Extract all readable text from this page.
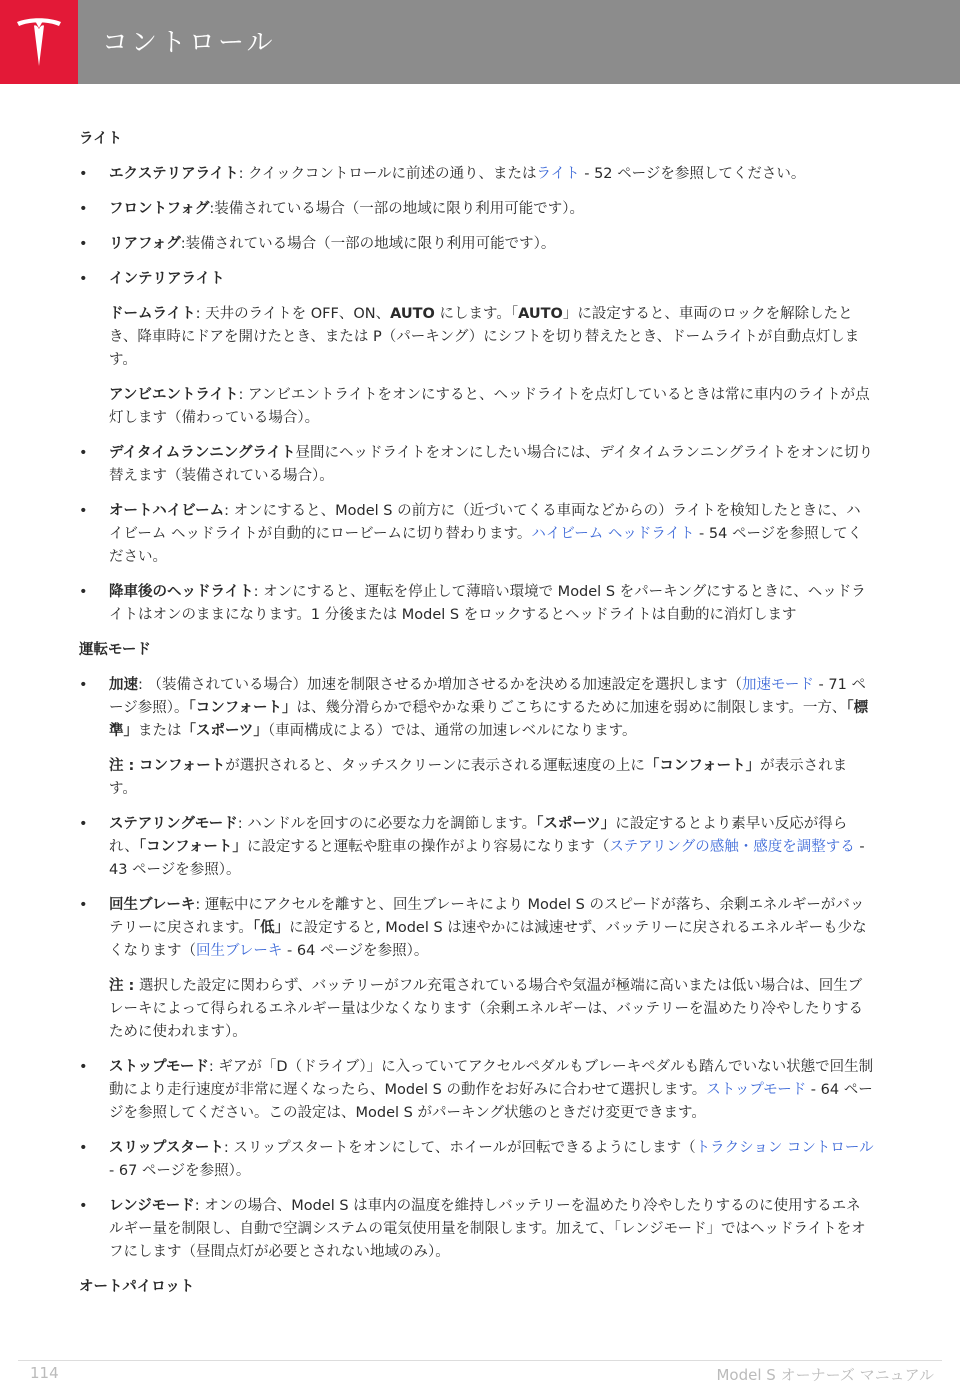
コントロール
ライト
• エクステリアライト: クイックコントロールに前述の通り、またはライト - 52 ページを参照してください。
• フロントフォグ:装備されている場合（一部の地域に限り利用可能です）。
• リアフォグ:装備されている場合（一部の地域に限り利用可能です）。
• インテリアライト
ドームライト: 天井のライトを OFF、ON、AUTO にします。「AUTO」に設定すると、車両のロックを解除したとき、降車時にドアを開けたとき、または P（パーキング）にシフトを切り替えたとき、ドームライトが自動点灯します。
アンビエントライト: アンビエントライトをオンにすると、ヘッドライトを点灯しているときは常に車内のライトが点灯します（備わっている場合）。
• デイタイムランニングライト昼間にヘッドライトをオンにしたい場合には、デイタイムランニングライトをオンに切り替えます（装備されている場合）。
• オートハイビーム: オンにすると、Model S の前方に（近づいてくる車両などからの）ライトを検知したときに、ハイビーム ヘッドライトが自動的にロービームに切り替わります。ハイビーム ヘッドライト - 54 ページを参照してください。
• 降車後のヘッドライト: オンにすると、運転を停止して薄暗い環境で Model S をパーキングにするときに、ヘッドライトはオンのままになります。1 分後または Model S をロックするとヘッドライトは自動的に消灯します
運転モード
• 加速: （装備されている場合）加速を制限させるか増加させるかを決める加速設定を選択します（加速モード - 71 ページ参照）。「コンフォート」は、幾分滑らかで穏やかな乗りごこちにするために加速を弱めに制限します。一方、「標準」または「スポーツ」（車両構成による）では、通常の加速レベルになります。
注 : コンフォートが選択されると、タッチスクリーンに表示される運転速度の上に「コンフォート」が表示されます。
• ステアリングモード: ハンドルを回すのに必要な力を調節します。「スポーツ」に設定するとより素早い反応が得られ、「コンフォート」に設定すると運転や駐車の操作がより容易になります（ステアリングの感触・感度を調整する - 43 ページを参照）。
• 回生ブレーキ: 運転中にアクセルを離すと、回生ブレーキにより Model S のスピードが落ち、余剰エネルギーがバッテリーに戻されます。「低」に設定すると, Model S は速やかには減速せず、バッテリーに戻されるエネルギーも少なくなります（回生ブレーキ - 64 ページを参照）。
注 : 選択した設定に関わらず、バッテリーがフル充電されている場合や気温が極端に高いまたは低い場合は、回生ブレーキによって得られるエネルギー量は少なくなります（余剰エネルギーは、バッテリーを温めたり冷やしたりするために使われます）。
• ストップモード: ギアが「D（ドライブ）」に入っていてアクセルペダルもブレーキペダルも踏んでいない状態で回生制動により走行速度が非常に遅くなったら、Model S の動作をお好みに合わせて選択します。ストップモード - 64 ページを参照してください。この設定は、Model S がパーキング状態のときだけ変更できます。
• スリップスタート: スリップスタートをオンにして、ホイールが回転できるようにします（トラクション コントロール - 67 ページを参照）。
• レンジモード: オンの場合、Model S は車内の温度を維持しバッテリーを温めたり冷やしたりするのに使用するエネルギー量を制限し、自動で空調システムの電気使用量を制限します。加えて、「レンジモード」ではヘッドライトをオフにします（昼間点灯が必要とされない地域のみ）。
オートパイロット
114	Model S オーナーズ マニュアル
